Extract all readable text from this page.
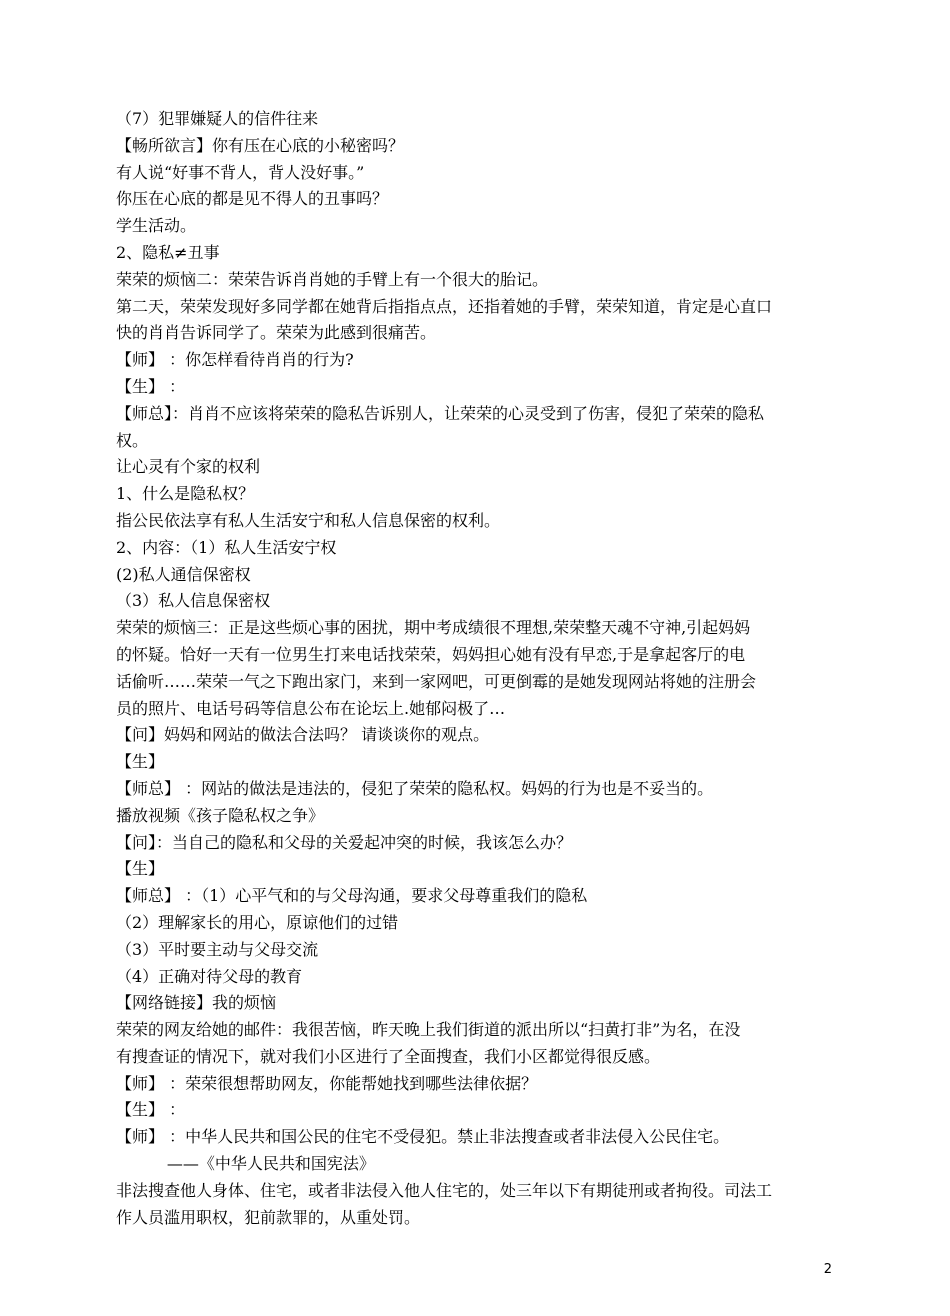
（7）犯罪嫌疑人的信件往来

【畅所欲言】你有压在心底的小秘密吗？

有人说“好事不背人，背人没好事。”

你压在心底的都是见不得人的丑事吗？

学生活动。

2、隐私≠丑事

荣荣的烦恼二：荣荣告诉肖肖她的手臂上有一个很大的胎记。

第二天，荣荣发现好多同学都在她背后指指点点，还指着她的手臂，荣荣知道，肯定是心直口

快的肖肖告诉同学了。荣荣为此感到很痛苦。

【师】 ：你怎样看待肖肖的行为?

【生】 ：

【师总】：肖肖不应该将荣荣的隐私告诉别人，让荣荣的心灵受到了伤害，侵犯了荣荣的隐私

权。

让心灵有个家的权利

1、什么是隐私权？

指公民依法享有私人生活安宁和私人信息保密的权利。

2、内容：（1）私人生活安宁权

(2)私人通信保密权

（3）私人信息保密权

荣荣的烦恼三：正是这些烦心事的困扰，期中考成绩很不理想,荣荣整天魂不守神,引起妈妈

的怀疑。恰好一天有一位男生打来电话找荣荣，妈妈担心她有没有早恋,于是拿起客厅的电

话偷听……荣荣一气之下跑出家门，来到一家网吧，可更倒霉的是她发现网站将她的注册会

员的照片、电话号码等信息公布在论坛上.她郁闷极了…

【问】妈妈和网站的做法合法吗？ 请谈谈你的观点。

【生】

【师总】 ：网站的做法是违法的，侵犯了荣荣的隐私权。妈妈的行为也是不妥当的。

播放视频《孩子隐私权之争》

【问】：当自己的隐私和父母的关爱起冲突的时候，我该怎么办？

【生】

【师总】 ：（1）心平气和的与父母沟通，要求父母尊重我们的隐私

（2）理解家长的用心，原谅他们的过错

（3）平时要主动与父母交流

（4）正确对待父母的教育

【网络链接】我的烦恼

荣荣的网友给她的邮件：我很苦恼，昨天晚上我们街道的派出所以“扫黄打非”为名，在没

有搜查证的情况下，就对我们小区进行了全面搜查，我们小区都觉得很反感。

【师】 ：荣荣很想帮助网友，你能帮她找到哪些法律依据？

【生】 ：

【师】 ：中华人民共和国公民的住宅不受侵犯。禁止非法搜查或者非法侵入公民住宅。

——《中华人民共和国宪法》

非法搜查他人身体、住宅，或者非法侵入他人住宅的，处三年以下有期徒刑或者拘役。司法工

作人员滥用职权，犯前款罪的，从重处罚。

2
